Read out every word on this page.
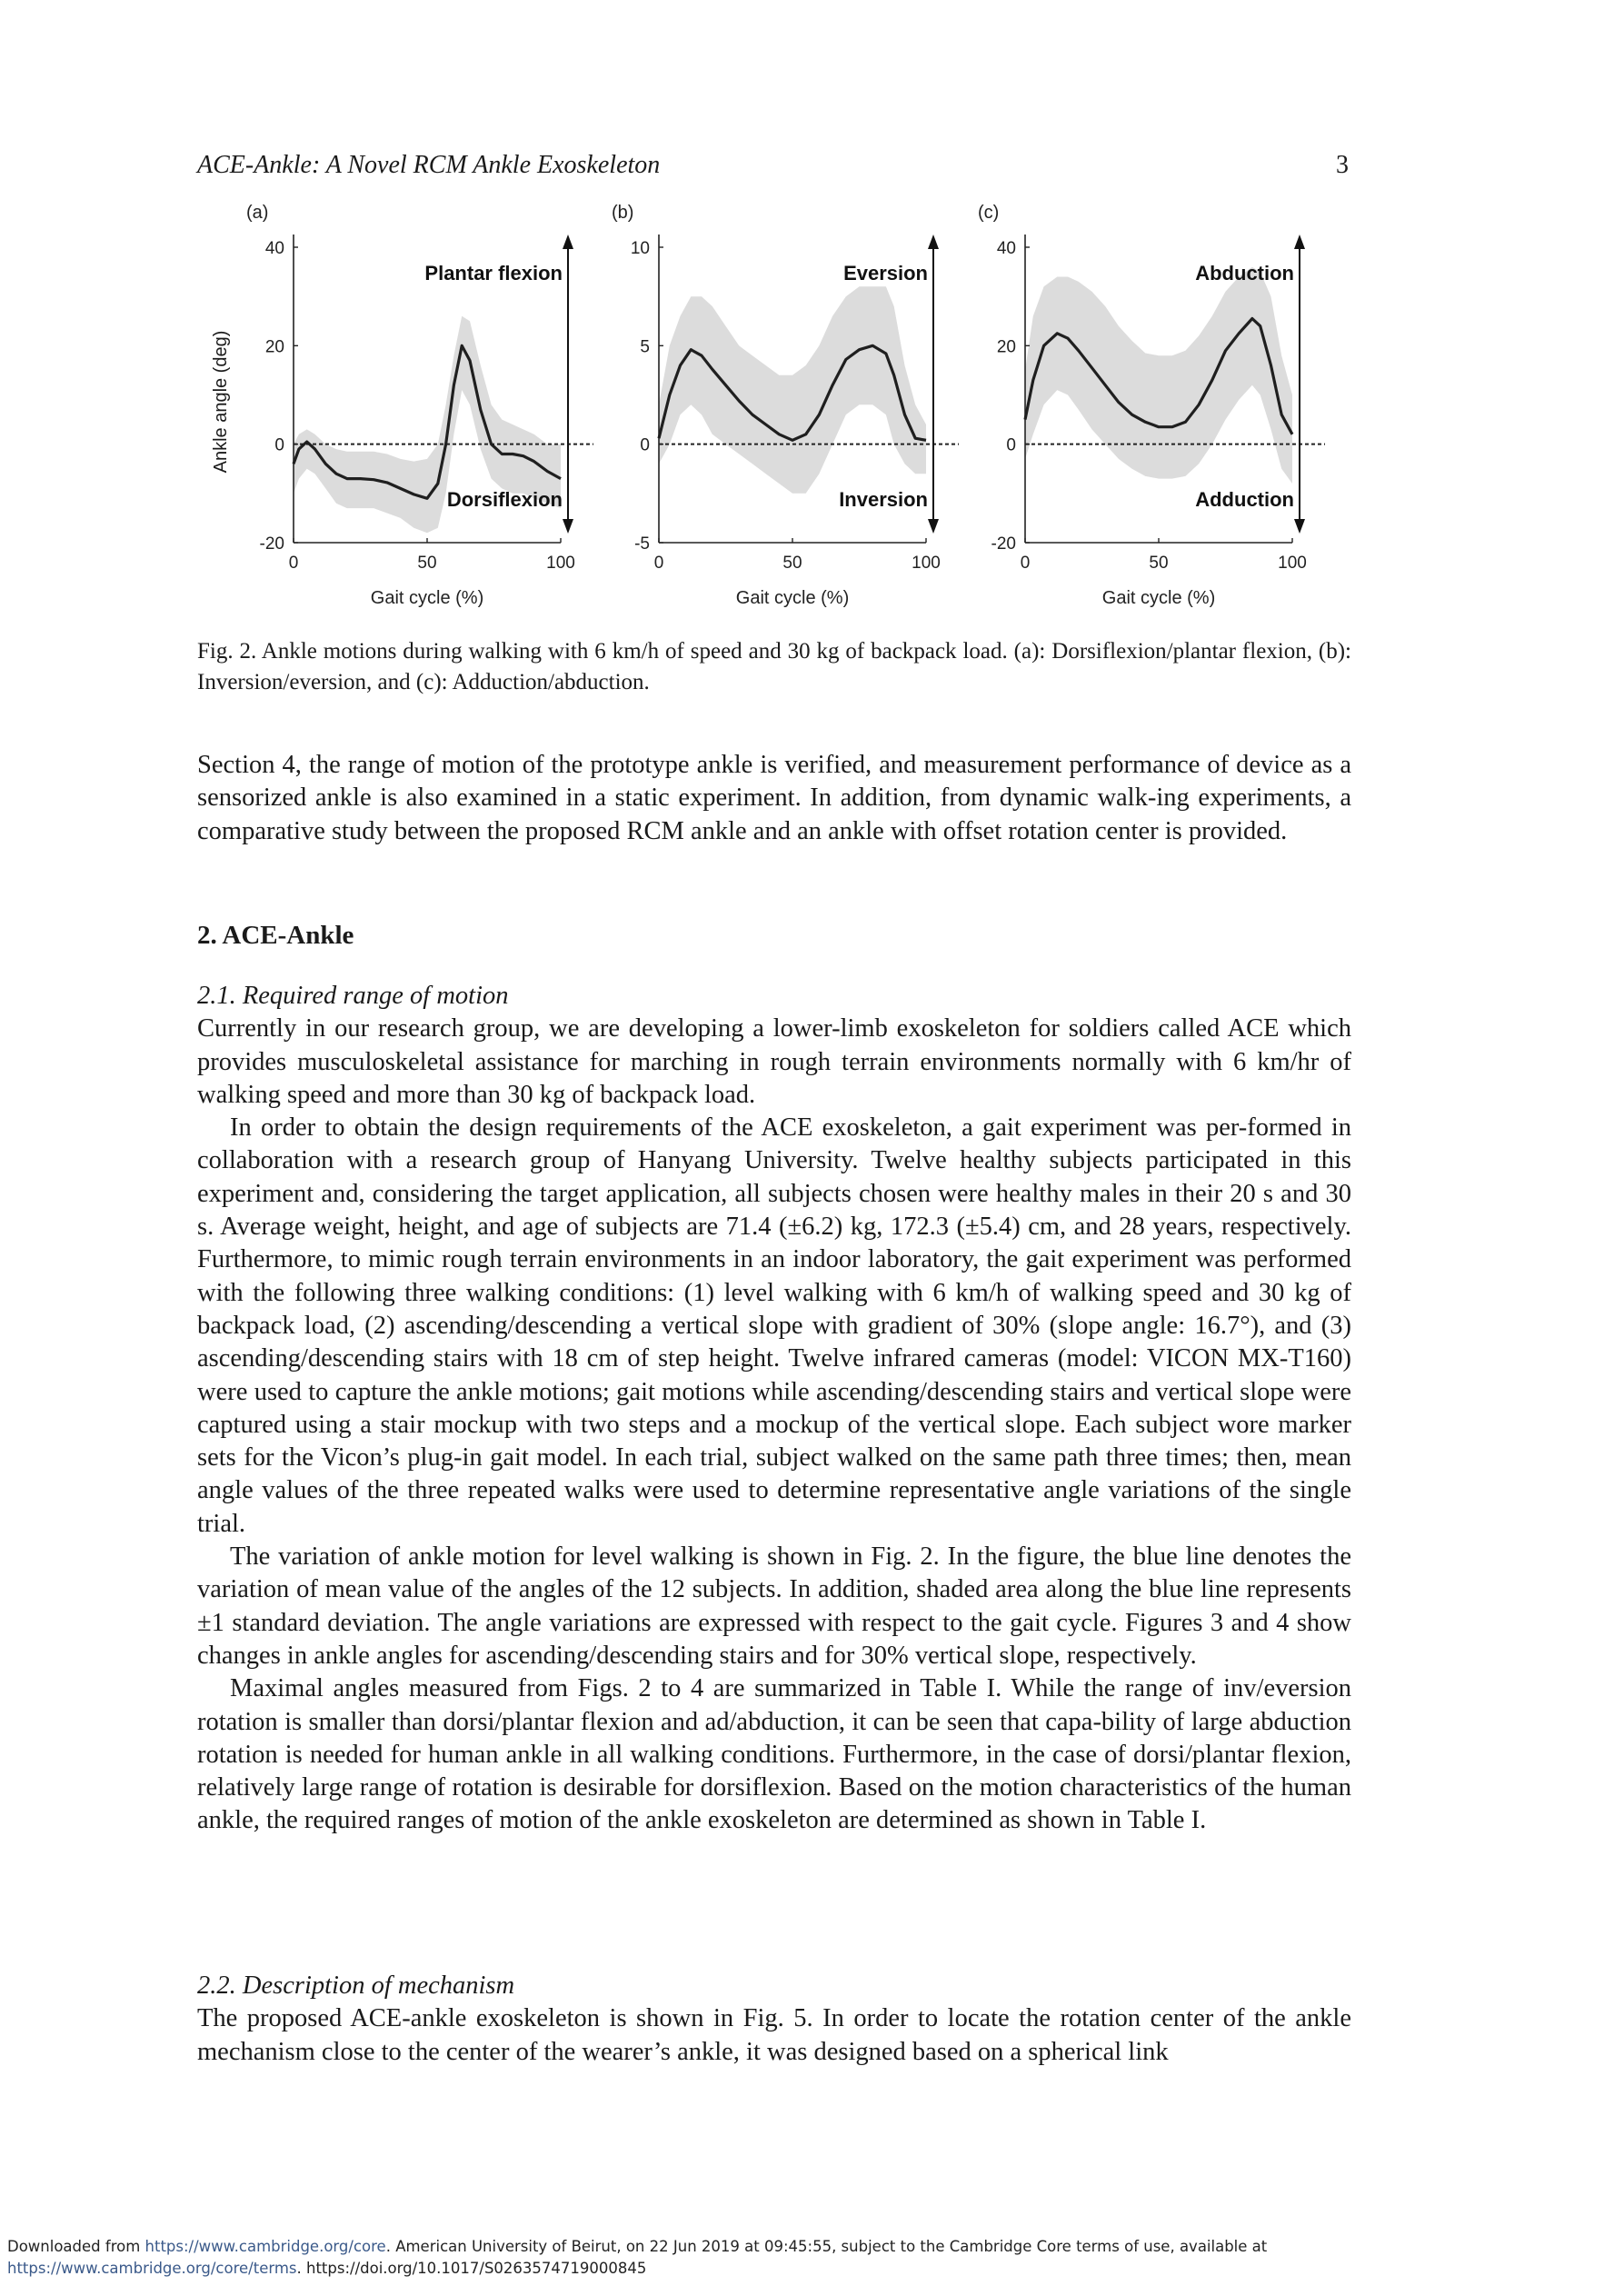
ACE-Ankle: A Novel RCM Ankle Exoskeleton	3
Ankle angle (deg)
40
20
0
-20
0	50	100
Gait cycle (%)
(a)
Plantar flexion
Dorsiflexion
10
5
0
-5
0	50	100
Gait cycle (%)
(b)
Eversion
Inversion
40
20
0
-20
0	50	100
Gait cycle (%)
(c)
Abduction
Adduction
Fig. 2. Ankle motions during walking with 6 km/h of speed and 30 kg of backpack load. (a): Dorsiflexion/plantar flexion, (b): Inversion/eversion, and (c): Adduction/abduction.

Section 4, the range of motion of the prototype ankle is verified, and measurement performance of device as a sensorized ankle is also examined in a static experiment. In addition, from dynamic walk-ing experiments, a comparative study between the proposed RCM ankle and an ankle with offset rotation center is provided.

2. ACE-Ankle

2.1. Required range of motion

Currently in our research group, we are developing a lower-limb exoskeleton for soldiers called ACE which provides musculoskeletal assistance for marching in rough terrain environments normally with 6 km/hr of walking speed and more than 30 kg of backpack load.

In order to obtain the design requirements of the ACE exoskeleton, a gait experiment was per-formed in collaboration with a research group of Hanyang University. Twelve healthy subjects participated in this experiment and, considering the target application, all subjects chosen were healthy males in their 20 s and 30 s. Average weight, height, and age of subjects are 71.4 (±6.2) kg, 172.3 (±5.4) cm, and 28 years, respectively. Furthermore, to mimic rough terrain environments in an indoor laboratory, the gait experiment was performed with the following three walking conditions: (1) level walking with 6 km/h of walking speed and 30 kg of backpack load, (2) ascending/descending a vertical slope with gradient of 30% (slope angle: 16.7°), and (3) ascending/descending stairs with 18 cm of step height. Twelve infrared cameras (model: VICON MX-T160) were used to capture the ankle motions; gait motions while ascending/descending stairs and vertical slope were captured using a stair mockup with two steps and a mockup of the vertical slope. Each subject wore marker sets for the Vicon’s plug-in gait model. In each trial, subject walked on the same path three times; then, mean angle values of the three repeated walks were used to determine representative angle variations of the single trial.

The variation of ankle motion for level walking is shown in Fig. 2. In the figure, the blue line denotes the variation of mean value of the angles of the 12 subjects. In addition, shaded area along the blue line represents ±1 standard deviation. The angle variations are expressed with respect to the gait cycle. Figures 3 and 4 show changes in ankle angles for ascending/descending stairs and for 30% vertical slope, respectively.

Maximal angles measured from Figs. 2 to 4 are summarized in Table I. While the range of inv/eversion rotation is smaller than dorsi/plantar flexion and ad/abduction, it can be seen that capa-bility of large abduction rotation is needed for human ankle in all walking conditions. Furthermore, in the case of dorsi/plantar flexion, relatively large range of rotation is desirable for dorsiflexion. Based on the motion characteristics of the human ankle, the required ranges of motion of the ankle exoskeleton are determined as shown in Table I.

2.2. Description of mechanism

The proposed ACE-ankle exoskeleton is shown in Fig. 5. In order to locate the rotation center of the ankle mechanism close to the center of the wearer’s ankle, it was designed based on a spherical link

Downloaded from https://www.cambridge.org/core. American University of Beirut, on 22 Jun 2019 at 09:45:55, subject to the Cambridge Core terms of use, available at
https://www.cambridge.org/core/terms. https://doi.org/10.1017/S0263574719000845
